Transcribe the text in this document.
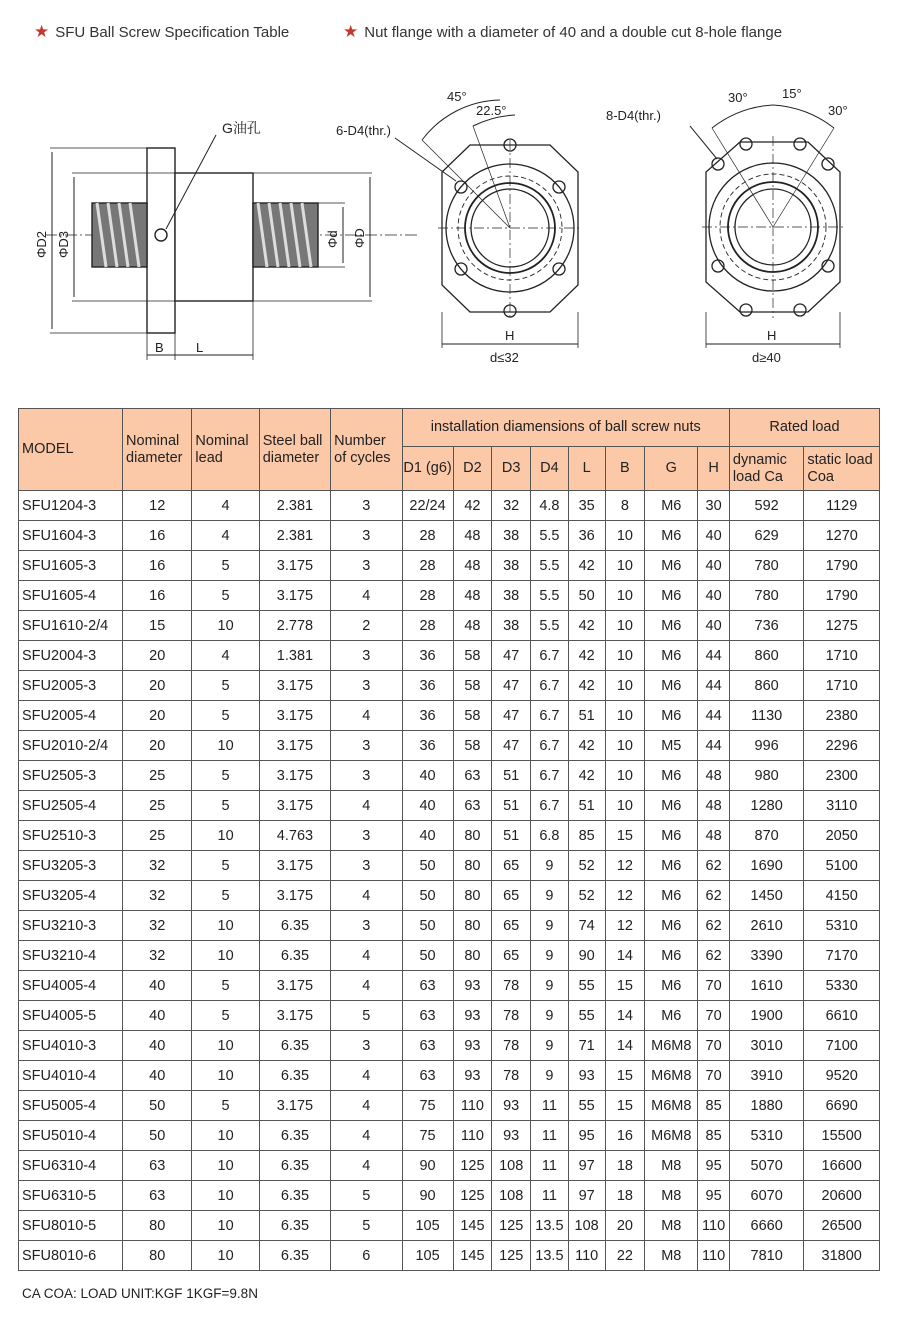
★ SFU Ball Screw Specification Table	★ Nut flange with a diameter of 40 and a double cut 8-hole flange
G油孔
ΦD2 ΦD3	Φd ΦD
B L
6-D4(thr.)
45°
22.5°
H
d≤32
8-D4(thr.)
30°	15°
30°
H
d≥40
MODEL	Nominal diameter	Nominal lead	Steel ball diameter	Number of cycles	installation diamensions of ball screw nuts								Rated load	
					D1 (g6)	D2	D3	D4	L	B	G	H	dynamic load Ca	static load Coa
SFU1204-3	12	4	2.381	3	22/24	42	32	4.8	35	8	M6	30	592	1129
SFU1604-3	16	4	2.381	3	28	48	38	5.5	36	10	M6	40	629	1270
SFU1605-3	16	5	3.175	3	28	48	38	5.5	42	10	M6	40	780	1790
SFU1605-4	16	5	3.175	4	28	48	38	5.5	50	10	M6	40	780	1790
SFU1610-2/4	15	10	2.778	2	28	48	38	5.5	42	10	M6	40	736	1275
SFU2004-3	20	4	1.381	3	36	58	47	6.7	42	10	M6	44	860	1710
SFU2005-3	20	5	3.175	3	36	58	47	6.7	42	10	M6	44	860	1710
SFU2005-4	20	5	3.175	4	36	58	47	6.7	51	10	M6	44	1130	2380
SFU2010-2/4	20	10	3.175	3	36	58	47	6.7	42	10	M5	44	996	2296
SFU2505-3	25	5	3.175	3	40	63	51	6.7	42	10	M6	48	980	2300
SFU2505-4	25	5	3.175	4	40	63	51	6.7	51	10	M6	48	1280	3110
SFU2510-3	25	10	4.763	3	40	80	51	6.8	85	15	M6	48	870	2050
SFU3205-3	32	5	3.175	3	50	80	65	9	52	12	M6	62	1690	5100
SFU3205-4	32	5	3.175	4	50	80	65	9	52	12	M6	62	1450	4150
SFU3210-3	32	10	6.35	3	50	80	65	9	74	12	M6	62	2610	5310
SFU3210-4	32	10	6.35	4	50	80	65	9	90	14	M6	62	3390	7170
SFU4005-4	40	5	3.175	4	63	93	78	9	55	15	M6	70	1610	5330
SFU4005-5	40	5	3.175	5	63	93	78	9	55	14	M6	70	1900	6610
SFU4010-3	40	10	6.35	3	63	93	78	9	71	14	M6M8	70	3010	7100
SFU4010-4	40	10	6.35	4	63	93	78	9	93	15	M6M8	70	3910	9520
SFU5005-4	50	5	3.175	4	75	110	93	11	55	15	M6M8	85	1880	6690
SFU5010-4	50	10	6.35	4	75	110	93	11	95	16	M6M8	85	5310	15500
SFU6310-4	63	10	6.35	4	90	125	108	11	97	18	M8	95	5070	16600
SFU6310-5	63	10	6.35	5	90	125	108	11	97	18	M8	95	6070	20600
SFU8010-5	80	10	6.35	5	105	145	125	13.5	108	20	M8	110	6660	26500
SFU8010-6	80	10	6.35	6	105	145	125	13.5	110	22	M8	110	7810	31800
CA COA: LOAD UNIT:KGF 1KGF=9.8N
